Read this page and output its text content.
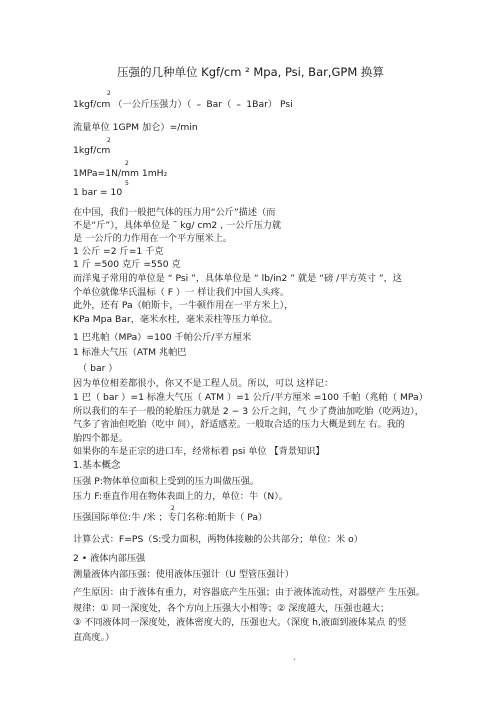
压强的几种单位 Kgf/cm ² Mpa, Psi, Bar,GPM 换算
2
1kgf/cm （一公斤压强力）（ ﹦ Bar（ ﹦ 1Bar） Psi
流量单位 1GPM 加仑）=/min
2
1kgf/cm
2
1MPa=1N/mm 1mH₂
5
1 bar = 10
在中国，我们一般把气体的压力用“公斤”描述（而
不是“斤”），具体单位是 ˜ kg/ cm2 , 一公斤压力就
是 一公斤的力作用在一个平方厘米上。
1 公斤 =2 斤=1 千克
1 斤 =500 克斤 =550 克
而洋鬼子常用的单位是 “ Psi ”，具体单位是 “ lb/in2 ” 就是 “磅 /平方英寸 ”，这
个单位就像华氏温标（ F ）一 样让我们中国人头疼。
此外，还有 Pa（帕斯卡，一牛顿作用在一平方米上），
KPa Mpa Bar，毫米水柱，毫米汞柱等压力单位。
1 巴兆帕（MPa）=100 千帕公斤/平方厘米
1 标准大气压（ATM 兆帕巴
（ bar ）
因为单位相差都很小，你又不是工程人员。所以，可以 这样记：
1 巴（ bar ）=1 标准大气压（ ATM ）=1 公斤/平方厘米 =100 千帕（兆帕（ MPa）
所以我们的车子一般的轮胎压力就是 2 − 3 公斤之间，气 少了费油加吃胎（吃两边），
气多了省油但吃胎（吃中 间），舒适感差。一般取合适的压力大概是到左 右。我的
胎四个都是。
如果你的车是正宗的进口车，经常标着 psi 单位 【背景知识】
1.基本概念
压强 P:物体单位面积上受到的压力叫做压强。
压力 F:垂直作用在物体表面上的力，单位：牛（N）。
2
压强国际单位:牛 /米 ；专门名称:帕斯卡（ Pa）
计算公式：F=PS（S:受力面积，两物体接触的公共部分；单位：米 o）
2 • 液体内部压强
测量液体内部压强：使用液体压强计（U 型管压强计）
产生原因：由于液体有重力，对容器底产生压强；由于液体流动性，对器壁产 生压强。
规律：① 同一深度处，各个方向上压强大小相等；② 深度越大，压强也越大；
③ 不同液体同一深度处，液体密度大的，压强也大。（深度 h,液面到液体某点 的竖
直高度。）
•
